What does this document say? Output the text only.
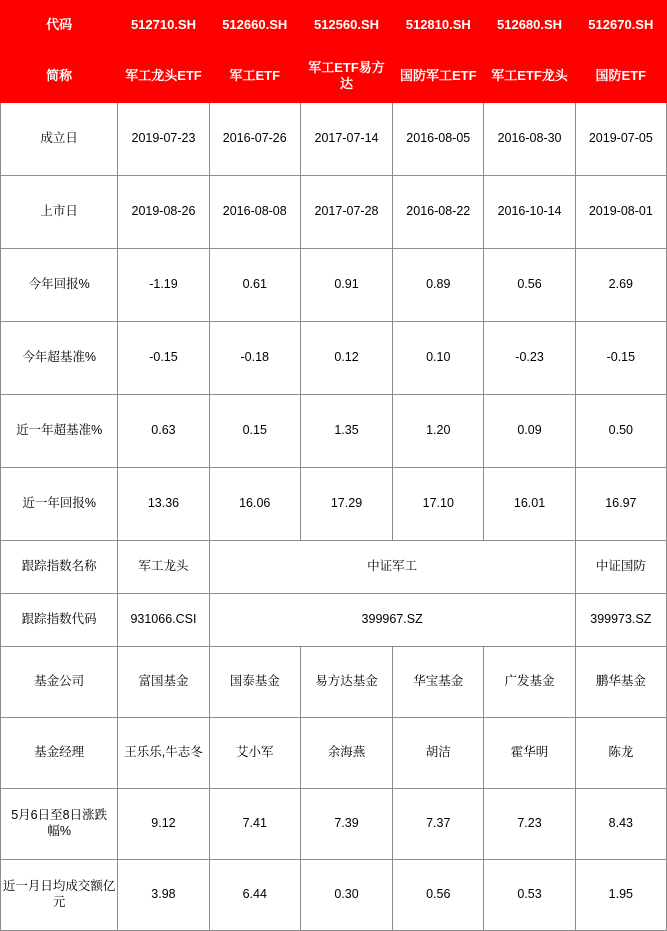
代码	512710.SH	512660.SH	512560.SH	512810.SH	512680.SH	512670.SH
简称	军工龙头ETF	军工ETF	军工ETF易方达	国防军工ETF	军工ETF龙头	国防ETF
成立日	2019-07-23	2016-07-26	2017-07-14	2016-08-05	2016-08-30	2019-07-05
上市日	2019-08-26	2016-08-08	2017-07-28	2016-08-22	2016-10-14	2019-08-01
今年回报%	-1.19	0.61	0.91	0.89	0.56	2.69
今年超基准%	-0.15	-0.18	0.12	0.10	-0.23	-0.15
近一年超基准%	0.63	0.15	1.35	1.20	0.09	0.50
近一年回报%	13.36	16.06	17.29	17.10	16.01	16.97
跟踪指数名称	军工龙头	中证军工				中证国防
跟踪指数代码	931066.CSI	399967.SZ				399973.SZ
基金公司	富国基金	国泰基金	易方达基金	华宝基金	广发基金	鹏华基金
基金经理	王乐乐,牛志冬	艾小军	余海燕	胡洁	霍华明	陈龙
5月6日至8日涨跌幅%	9.12	7.41	7.39	7.37	7.23	8.43
近一月日均成交额亿元	3.98	6.44	0.30	0.56	0.53	1.95
